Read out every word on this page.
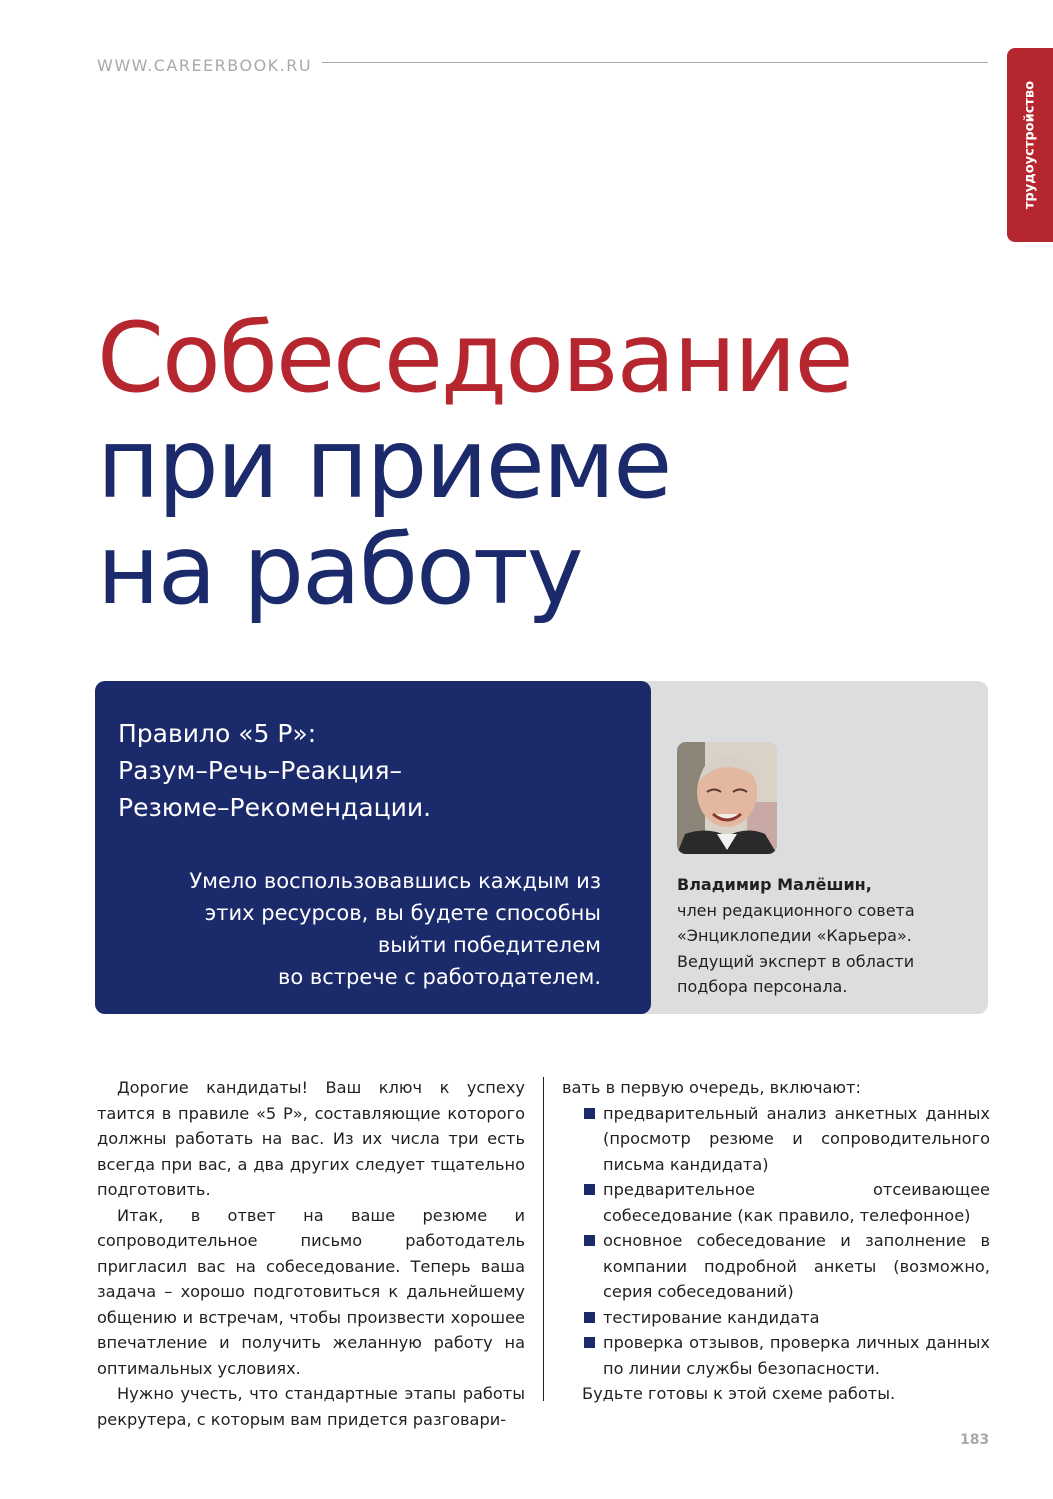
WWW.CAREERBOOK.RU
трудоустройство
Собеседование
при приеме
на работу
Правило «5 Р»:
Разум–Речь–Реакция–
Резюме–Рекомендации.
Умело воспользовавшись каждым из
этих ресурсов, вы будете способны
выйти победителем
во встрече с работодателем.
Владимир Малёшин,
член редакционного совета
«Энциклопедии «Карьера».
Ведущий эксперт в области
подбора персонала.

Дорогие кандидаты! Ваш ключ к успеху таится в правиле «5 Р», составляющие которого должны работать на вас. Из их числа три есть всегда при вас, а два других следует тщательно подготовить.

Итак, в ответ на ваше резюме и сопроводительное письмо работодатель пригласил вас на собеседование. Теперь ваша задача – хорошо подготовиться к дальнейшему общению и встречам, чтобы произвести хорошее впечатление и получить желанную работу на оптимальных условиях.

Нужно учесть, что стандартные этапы работы рекрутера, с которым вам придется разговари-

вать в первую очередь, включают:

предварительный анализ анкетных данных (просмотр резюме и сопроводительного письма кандидата)
предварительное отсеивающее собеседование (как правило, телефонное)
основное собеседование и заполнение в компании подробной анкеты (возможно, серия собеседований)
тестирование кандидата
проверка отзывов, проверка личных данных по линии службы безопасности.

Будьте готовы к этой схеме работы.

183
